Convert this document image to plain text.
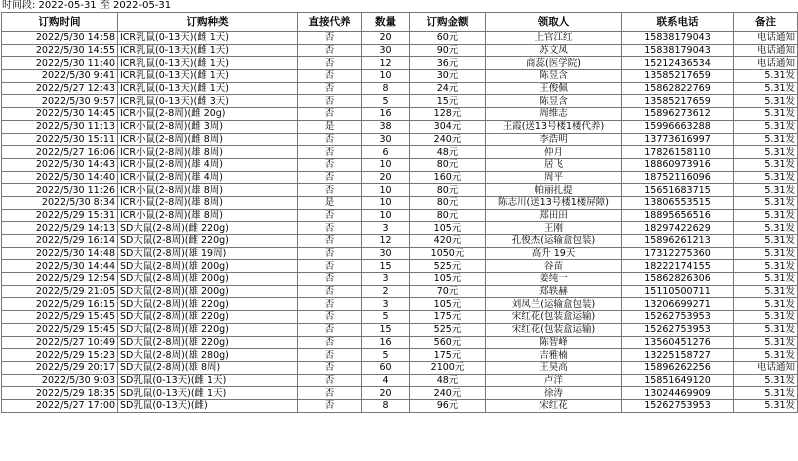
时间段: 2022-05-31 至 2022-05-31
订购时间	订购种类	直接代养	数量	订购金额	领取人	联系电话	备注
2022/5/30 14:58	ICR乳鼠(0-13天)(雌 1天)	否	20	60元	上官江红	15838179043	电话通知
2022/5/30 14:55	ICR乳鼠(0-13天)(雌 1天)	否	30	90元	苏文凤	15838179043	电话通知
2022/5/30 11:40	ICR乳鼠(0-13天)(雌 1天)	否	12	36元	商蕊(医学院)	15212436534	电话通知
2022/5/30 9:41	ICR乳鼠(0-13天)(雌 1天)	否	10	30元	陈昱含	13585217659	5.31发
2022/5/27 12:43	ICR乳鼠(0-13天)(雌 1天)	否	8	24元	王俊佩	15862822769	5.31发
2022/5/30 9:57	ICR乳鼠(0-13天)(雌 3天)	否	5	15元	陈昱含	13585217659	5.31发
2022/5/30 14:45	ICR小鼠(2-8周)(雌 20g)	否	16	128元	周维志	15896273612	5.31发
2022/5/30 11:13	ICR小鼠(2-8周)(雌 3周)	是	38	304元	王霞(送13号楼1楼代养)	15996663288	5.31发
2022/5/30 15:11	ICR小鼠(2-8周)(雌 8周)	否	30	240元	李浩明	13773616997	5.31发
2022/5/27 16:06	ICR小鼠(2-8周)(雄 8周)	否	6	48元	仲月	17826158110	5.31发
2022/5/30 14:43	ICR小鼠(2-8周)(雄 4周)	否	10	80元	居飞	18860973916	5.31发
2022/5/30 14:40	ICR小鼠(2-8周)(雄 4周)	否	20	160元	周平	18752116096	5.31发
2022/5/30 11:26	ICR小鼠(2-8周)(雄 8周)	否	10	80元	帕丽扎提	15651683715	5.31发
2022/5/30 8:34	ICR小鼠(2-8周)(雄 8周)	是	10	80元	陈志川(送13号楼1楼屏障)	13806553515	5.31发
2022/5/29 15:31	ICR小鼠(2-8周)(雄 8周)	否	10	80元	郑田田	18895656516	5.31发
2022/5/29 14:13	SD大鼠(2-8周)(雌 220g)	否	3	105元	王刚	18297422629	5.31发
2022/5/29 16:14	SD大鼠(2-8周)(雌 220g)	否	12	420元	孔俊杰(运输盒包装)	15896261213	5.31发
2022/5/30 14:48	SD大鼠(2-8周)(雄 19周)	否	30	1050元	高升 19天	17312275360	5.31发
2022/5/30 14:44	SD大鼠(2-8周)(雄 200g)	否	15	525元	谷苗	18222174155	5.31发
2022/5/29 12:54	SD大鼠(2-8周)(雄 200g)	否	3	105元	姜纯一	15862826306	5.31发
2022/5/29 21:05	SD大鼠(2-8周)(雄 200g)	否	2	70元	郑轶赫	15110500711	5.31发
2022/5/29 16:15	SD大鼠(2-8周)(雄 220g)	否	3	105元	刘凤兰(运输盒包装)	13206699271	5.31发
2022/5/29 15:45	SD大鼠(2-8周)(雄 220g)	否	5	175元	宋红花(包装盒运输)	15262753953	5.31发
2022/5/29 15:45	SD大鼠(2-8周)(雄 220g)	否	15	525元	宋红花(包装盒运输)	15262753953	5.31发
2022/5/27 10:49	SD大鼠(2-8周)(雄 220g)	否	16	560元	陈智峰	13560451276	5.31发
2022/5/29 15:23	SD大鼠(2-8周)(雄 280g)	否	5	175元	吉雅楠	13225158727	5.31发
2022/5/29 20:17	SD大鼠(2-8周)(雄 8周)	否	60	2100元	王昊高	15896262256	电话通知
2022/5/30 9:03	SD乳鼠(0-13天)(雌 1天)	否	4	48元	卢洋	15851649120	5.31发
2022/5/29 18:35	SD乳鼠(0-13天)(雌 1天)	否	20	240元	徐涛	13024469909	5.31发
2022/5/27 17:00	SD乳鼠(0-13天)(雌)	否	8	96元	宋红花	15262753953	5.31发
